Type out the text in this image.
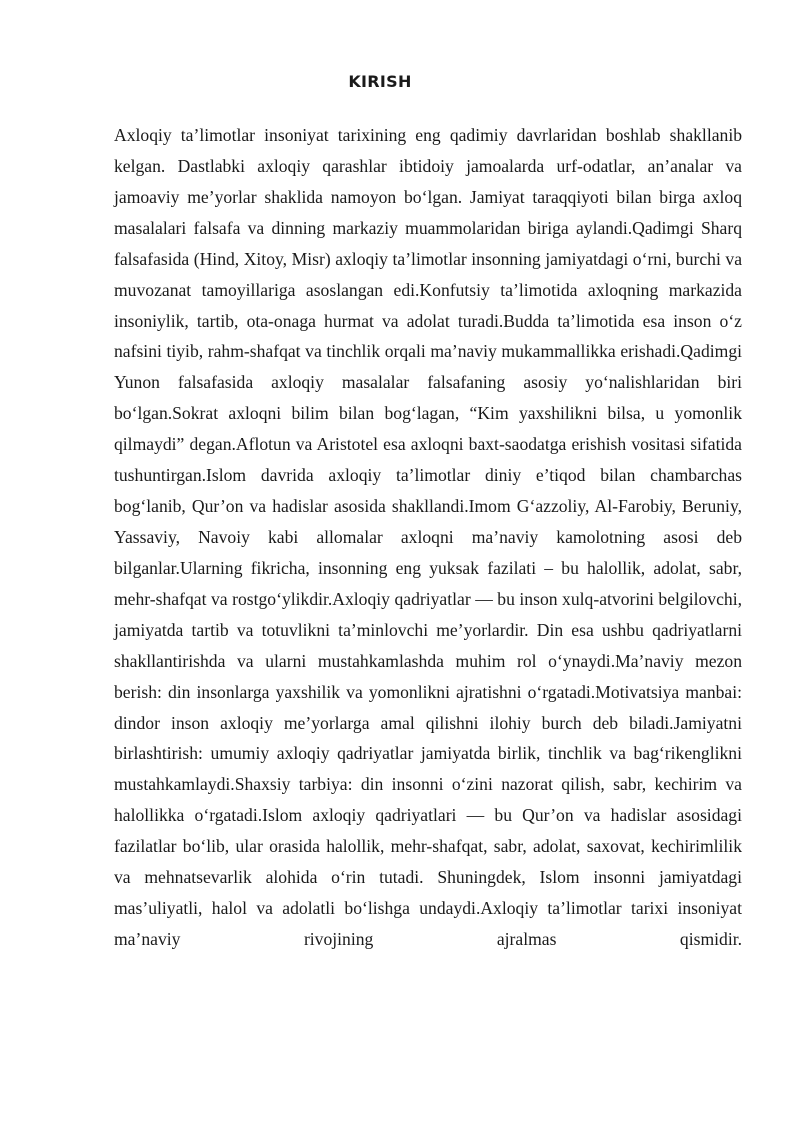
KIRISH

Axloqiy ta’limotlar insoniyat tarixining eng qadimiy davrlaridan boshlab shakllanib kelgan. Dastlabki axloqiy qarashlar ibtidoiy jamoalarda urf-odatlar, an’analar va jamoaviy me’yorlar shaklida namoyon bo‘lgan. Jamiyat taraqqiyoti bilan birga axloq masalalari falsafa va dinning markaziy muammolaridan biriga aylandi.Qadimgi Sharq falsafasida (Hind, Xitoy, Misr) axloqiy ta’limotlar insonning jamiyatdagi o‘rni, burchi va muvozanat tamoyillariga asoslangan edi.Konfutsiy ta’limotida axloqning markazida insoniylik, tartib, ota-onaga hurmat va adolat turadi.Budda ta’limotida esa inson o‘z nafsini tiyib, rahm-shafqat va tinchlik orqali ma’naviy mukammallikka erishadi.Qadimgi Yunon falsafasida axloqiy masalalar falsafaning asosiy yo‘nalishlaridan biri bo‘lgan.Sokrat axloqni bilim bilan bog‘lagan, “Kim yaxshilikni bilsa, u yomonlik qilmaydi” degan.Aflotun va Aristotel esa axloqni baxt-saodatga erishish vositasi sifatida tushuntirgan.Islom davrida axloqiy ta’limotlar diniy e’tiqod bilan chambarchas bog‘lanib, Qur’on va hadislar asosida shakllandi.Imom G‘azzoliy, Al-Farobiy, Beruniy, Yassaviy, Navoiy kabi allomalar axloqni ma’naviy kamolotning asosi deb bilganlar.Ularning fikricha, insonning eng yuksak fazilati – bu halollik, adolat, sabr, mehr-shafqat va rostgo‘ylikdir.Axloqiy qadriyatlar — bu inson xulq-atvorini belgilovchi, jamiyatda tartib va totuvlikni ta’minlovchi me’yorlardir. Din esa ushbu qadriyatlarni shakllantirishda va ularni mustahkamlashda muhim rol o‘ynaydi.Ma’naviy mezon berish: din insonlarga yaxshilik va yomonlikni ajratishni o‘rgatadi.Motivatsiya manbai: dindor inson axloqiy me’yorlarga amal qilishni ilohiy burch deb biladi.Jamiyatni birlashtirish: umumiy axloqiy qadriyatlar jamiyatda birlik, tinchlik va bag‘rikenglikni mustahkamlaydi.Shaxsiy tarbiya: din insonni o‘zini nazorat qilish, sabr, kechirim va halollikka o‘rgatadi.Islom axloqiy qadriyatlari — bu Qur’on va hadislar asosidagi fazilatlar bo‘lib, ular orasida halollik, mehr-shafqat, sabr, adolat, saxovat, kechirimlilik va mehnatsevarlik alohida o‘rin tutadi. Shuningdek, Islom insonni jamiyatdagi mas’uliyatli, halol va adolatli bo‘lishga undaydi.Axloqiy ta’limotlar tarixi insoniyat ma’naviy rivojining ajralmas qismidir.
